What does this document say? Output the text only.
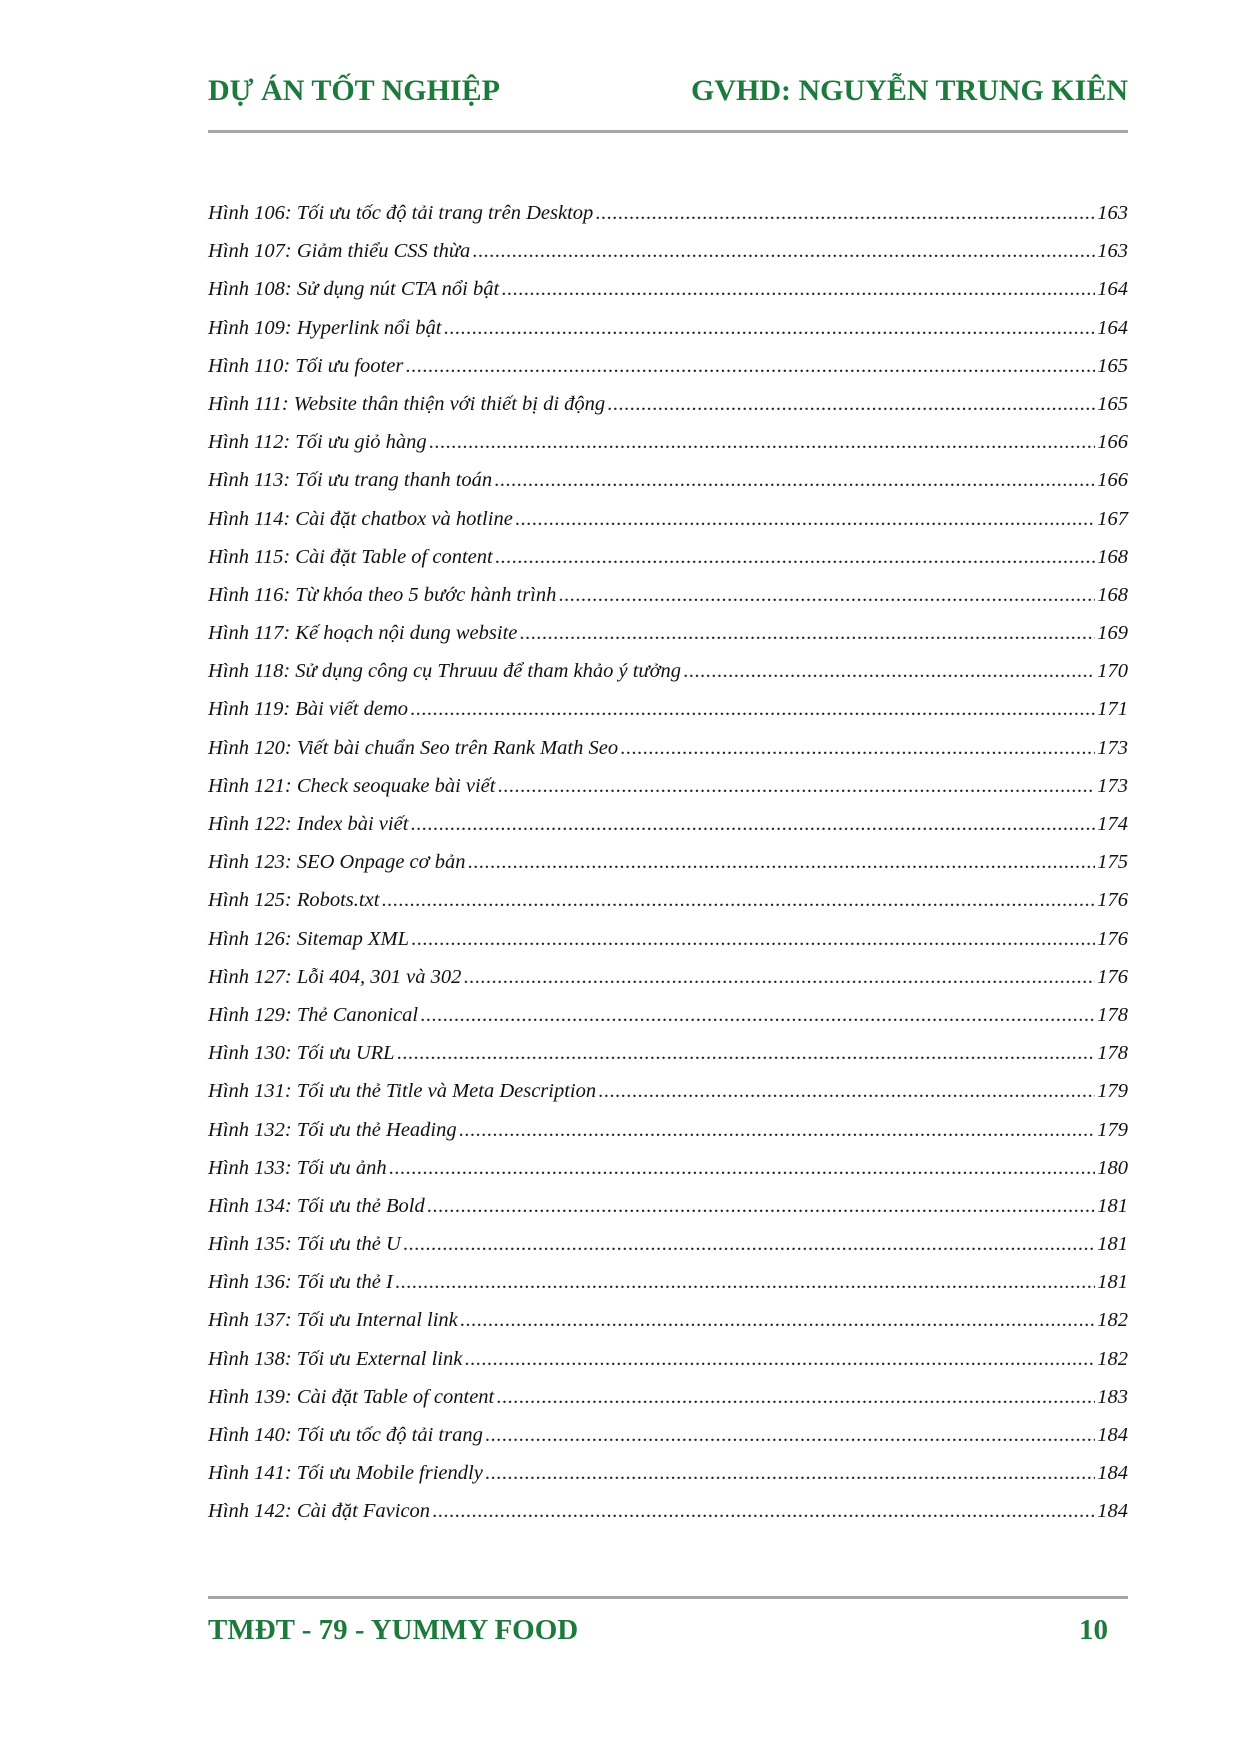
DỰ ÁN TỐT NGHIỆP	GVHD: NGUYỄN TRUNG KIÊN
Hình 106: Tối ưu tốc độ tải trang trên Desktop .....	163
Hình 107: Giảm thiểu CSS thừa .....	163
Hình 108: Sử dụng nút CTA nổi bật .....	164
Hình 109: Hyperlink nổi bật .....	164
Hình 110: Tối ưu footer .....	165
Hình 111: Website thân thiện với thiết bị di động .....	165
Hình 112: Tối ưu giỏ hàng .....	166
Hình 113: Tối ưu trang thanh toán .....	166
Hình 114: Cài đặt chatbox và hotline .....	167
Hình 115: Cài đặt Table of content .....	168
Hình 116: Từ khóa theo 5 bước hành trình .....	168
Hình 117: Kế hoạch nội dung website .....	169
Hình 118: Sử dụng công cụ Thruuu để tham khảo ý tưởng .....	170
Hình 119: Bài viết demo .....	171
Hình 120: Viết bài chuẩn Seo trên Rank Math Seo .....	173
Hình 121: Check seoquake bài viết .....	173
Hình 122: Index bài viết .....	174
Hình 123: SEO Onpage cơ bản .....	175
Hình 125: Robots.txt .....	176
Hình 126: Sitemap XML .....	176
Hình 127: Lỗi 404, 301 và 302 .....	176
Hình 129: Thẻ Canonical .....	178
Hình 130: Tối ưu URL .....	178
Hình 131: Tối ưu thẻ Title và Meta Description .....	179
Hình 132: Tối ưu thẻ Heading .....	179
Hình 133: Tối ưu ảnh .....	180
Hình 134: Tối ưu thẻ Bold .....	181
Hình 135: Tối ưu thẻ U .....	181
Hình 136: Tối ưu thẻ I .....	181
Hình 137: Tối ưu Internal link .....	182
Hình 138: Tối ưu External link .....	182
Hình 139: Cài đặt Table of content .....	183
Hình 140: Tối ưu tốc độ tải trang .....	184
Hình 141: Tối ưu Mobile friendly .....	184
Hình 142: Cài đặt Favicon .....	184
TMĐT - 79 - YUMMY FOOD	10
